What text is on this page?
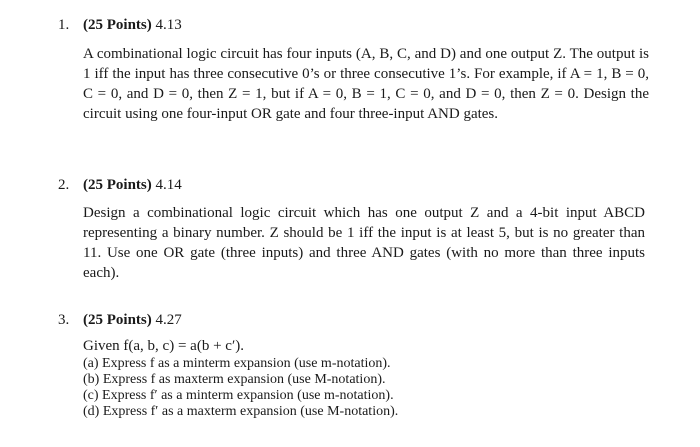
1. (25 Points) 4.13
A combinational logic circuit has four inputs (A, B, C, and D) and one output Z. The output is 1 iff the input has three consecutive 0’s or three consecutive 1’s. For example, if A = 1, B = 0, C = 0, and D = 0, then Z = 1, but if A = 0, B = 1, C = 0, and D = 0, then Z = 0. Design the circuit using one four-input OR gate and four three-input AND gates.
2. (25 Points) 4.14
Design a combinational logic circuit which has one output Z and a 4-bit input ABCD representing a binary number. Z should be 1 iff the input is at least 5, but is no greater than 11. Use one OR gate (three inputs) and three AND gates (with no more than three inputs each).
3. (25 Points) 4.27
Given f(a, b, c) = a(b + c′).
(a) Express f as a minterm expansion (use m-notation).
(b) Express f as maxterm expansion (use M-notation).
(c) Express f′ as a minterm expansion (use m-notation).
(d) Express f′ as a maxterm expansion (use M-notation).
